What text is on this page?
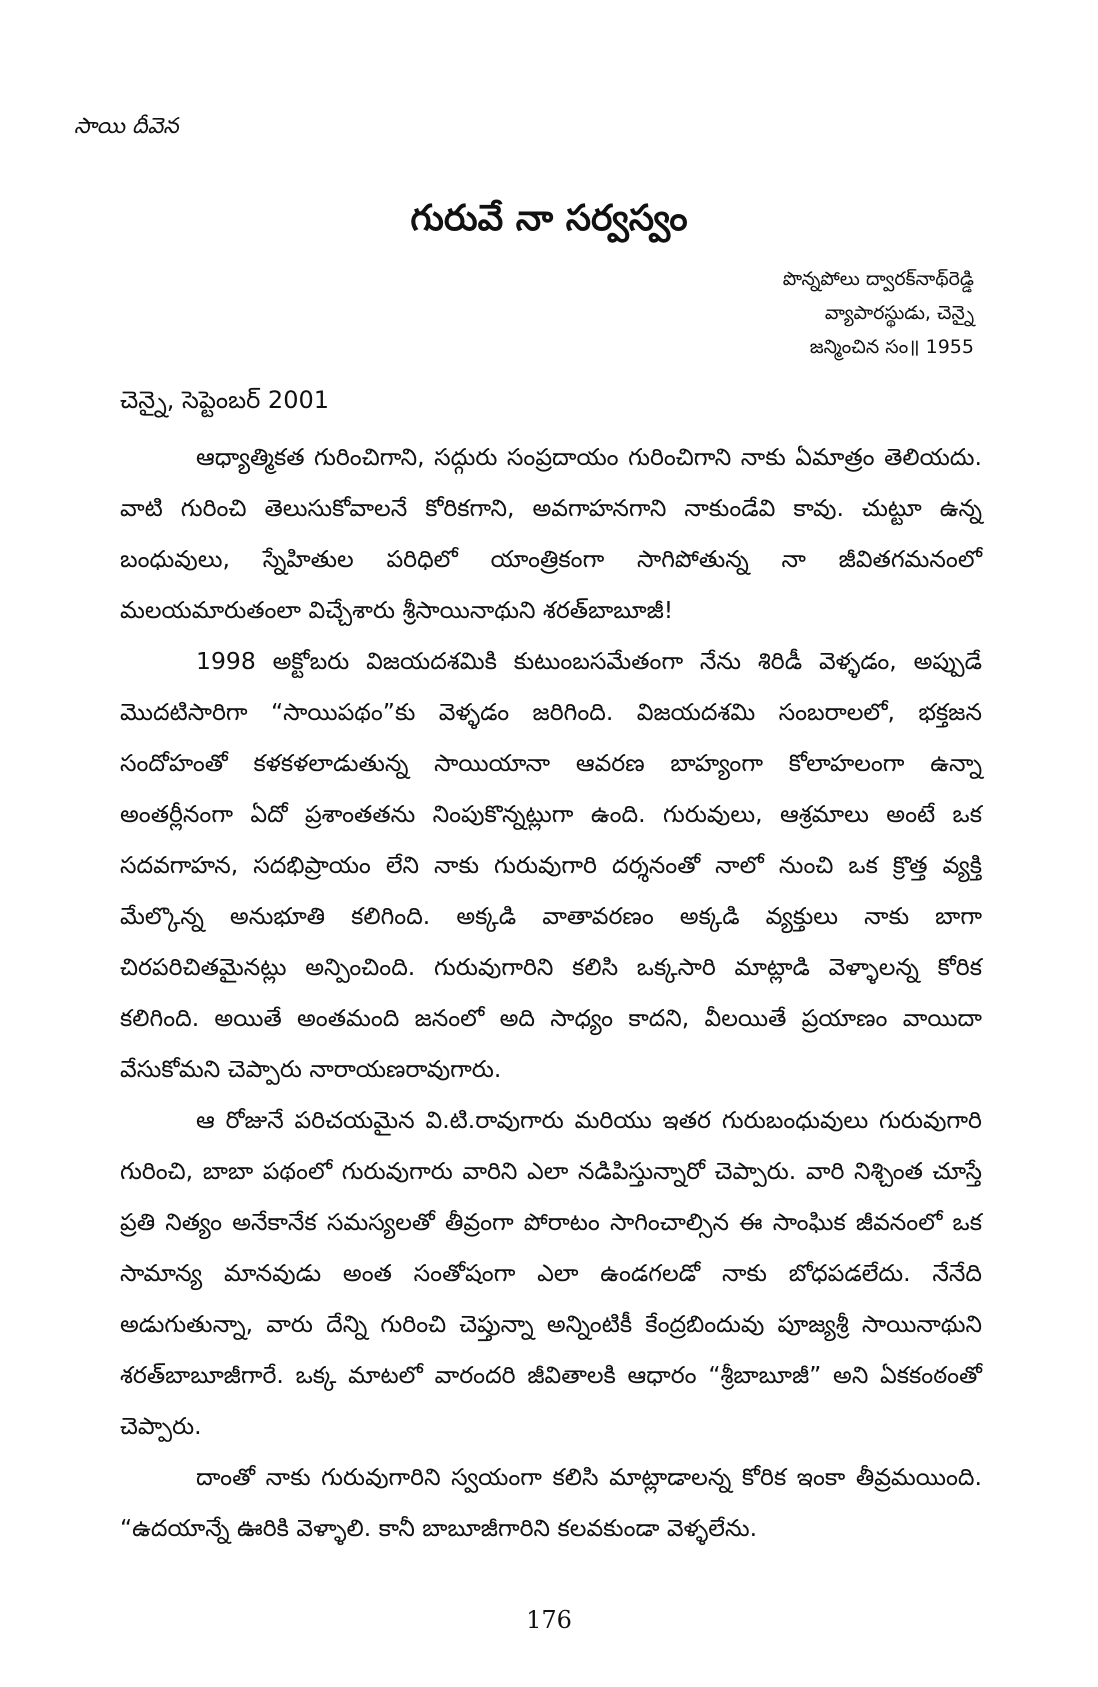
సాయి దీవెన
గురువే నా సర్వస్వం
పొన్నపోలు ద్వారక్‌నాథ్‌రెడ్డి
వ్యాపారస్థుడు, చెన్నై
జన్మించిన సం॥ 1955
చెన్నై, సెప్టెంబర్ 2001

ఆధ్యాత్మికత గురించిగాని, సద్గురు సంప్రదాయం గురించిగాని నాకు ఏమాత్రం తెలియదు. వాటి గురించి తెలుసుకోవాలనే కోరికగాని, అవగాహనగాని నాకుండేవి కావు. చుట్టూ ఉన్న బంధువులు, స్నేహితుల పరిధిలో యాంత్రికంగా సాగిపోతున్న నా జీవితగమనంలో మలయమారుతంలా విచ్చేశారు శ్రీసాయినాథుని శరత్‌బాబూజీ!

1998 అక్టోబరు విజయదశమికి కుటుంబసమేతంగా నేను శిరిడీ వెళ్ళడం, అప్పుడే మొదటిసారిగా “సాయిపథం”కు వెళ్ళడం జరిగింది. విజయదశమి సంబరాలలో, భక్తజన సందోహంతో కళకళలాడుతున్న సాయియానా ఆవరణ బాహ్యంగా కోలాహలంగా ఉన్నా అంతర్లీనంగా ఏదో ప్రశాంతతను నింపుకొన్నట్లుగా ఉంది. గురువులు, ఆశ్రమాలు అంటే ఒక సదవగాహన, సదభిప్రాయం లేని నాకు గురువుగారి దర్శనంతో నాలో నుంచి ఒక క్రొత్త వ్యక్తి మేల్కొన్న అనుభూతి కలిగింది. అక్కడి వాతావరణం అక్కడి వ్యక్తులు నాకు బాగా చిరపరిచితమైనట్లు అన్పించింది. గురువుగారిని కలిసి ఒక్కసారి మాట్లాడి వెళ్ళాలన్న కోరిక కలిగింది. అయితే అంతమంది జనంలో అది సాధ్యం కాదని, వీలయితే ప్రయాణం వాయిదా వేసుకోమని చెప్పారు నారాయణరావుగారు.

ఆ రోజునే పరిచయమైన వి.టి.రావుగారు మరియు ఇతర గురుబంధువులు గురువుగారి గురించి, బాబా పథంలో గురువుగారు వారిని ఎలా నడిపిస్తున్నారో చెప్పారు. వారి నిశ్చింత చూస్తే ప్రతి నిత్యం అనేకానేక సమస్యలతో తీవ్రంగా పోరాటం సాగించాల్సిన ఈ సాంఘిక జీవనంలో ఒక సామాన్య మానవుడు అంత సంతోషంగా ఎలా ఉండగలడో నాకు బోధపడలేదు. నేనేది అడుగుతున్నా, వారు దేన్ని గురించి చెప్తున్నా అన్నింటికీ కేంద్రబిందువు పూజ్యశ్రీ సాయినాథుని శరత్‌బాబూజీగారే. ఒక్క మాటలో వారందరి జీవితాలకి ఆధారం “శ్రీబాబూజీ” అని ఏకకంఠంతో చెప్పారు.

దాంతో నాకు గురువుగారిని స్వయంగా కలిసి మాట్లాడాలన్న కోరిక ఇంకా తీవ్రమయింది. “ఉదయాన్నే ఊరికి వెళ్ళాలి. కానీ బాబూజీగారిని కలవకుండా వెళ్ళలేను.

176
